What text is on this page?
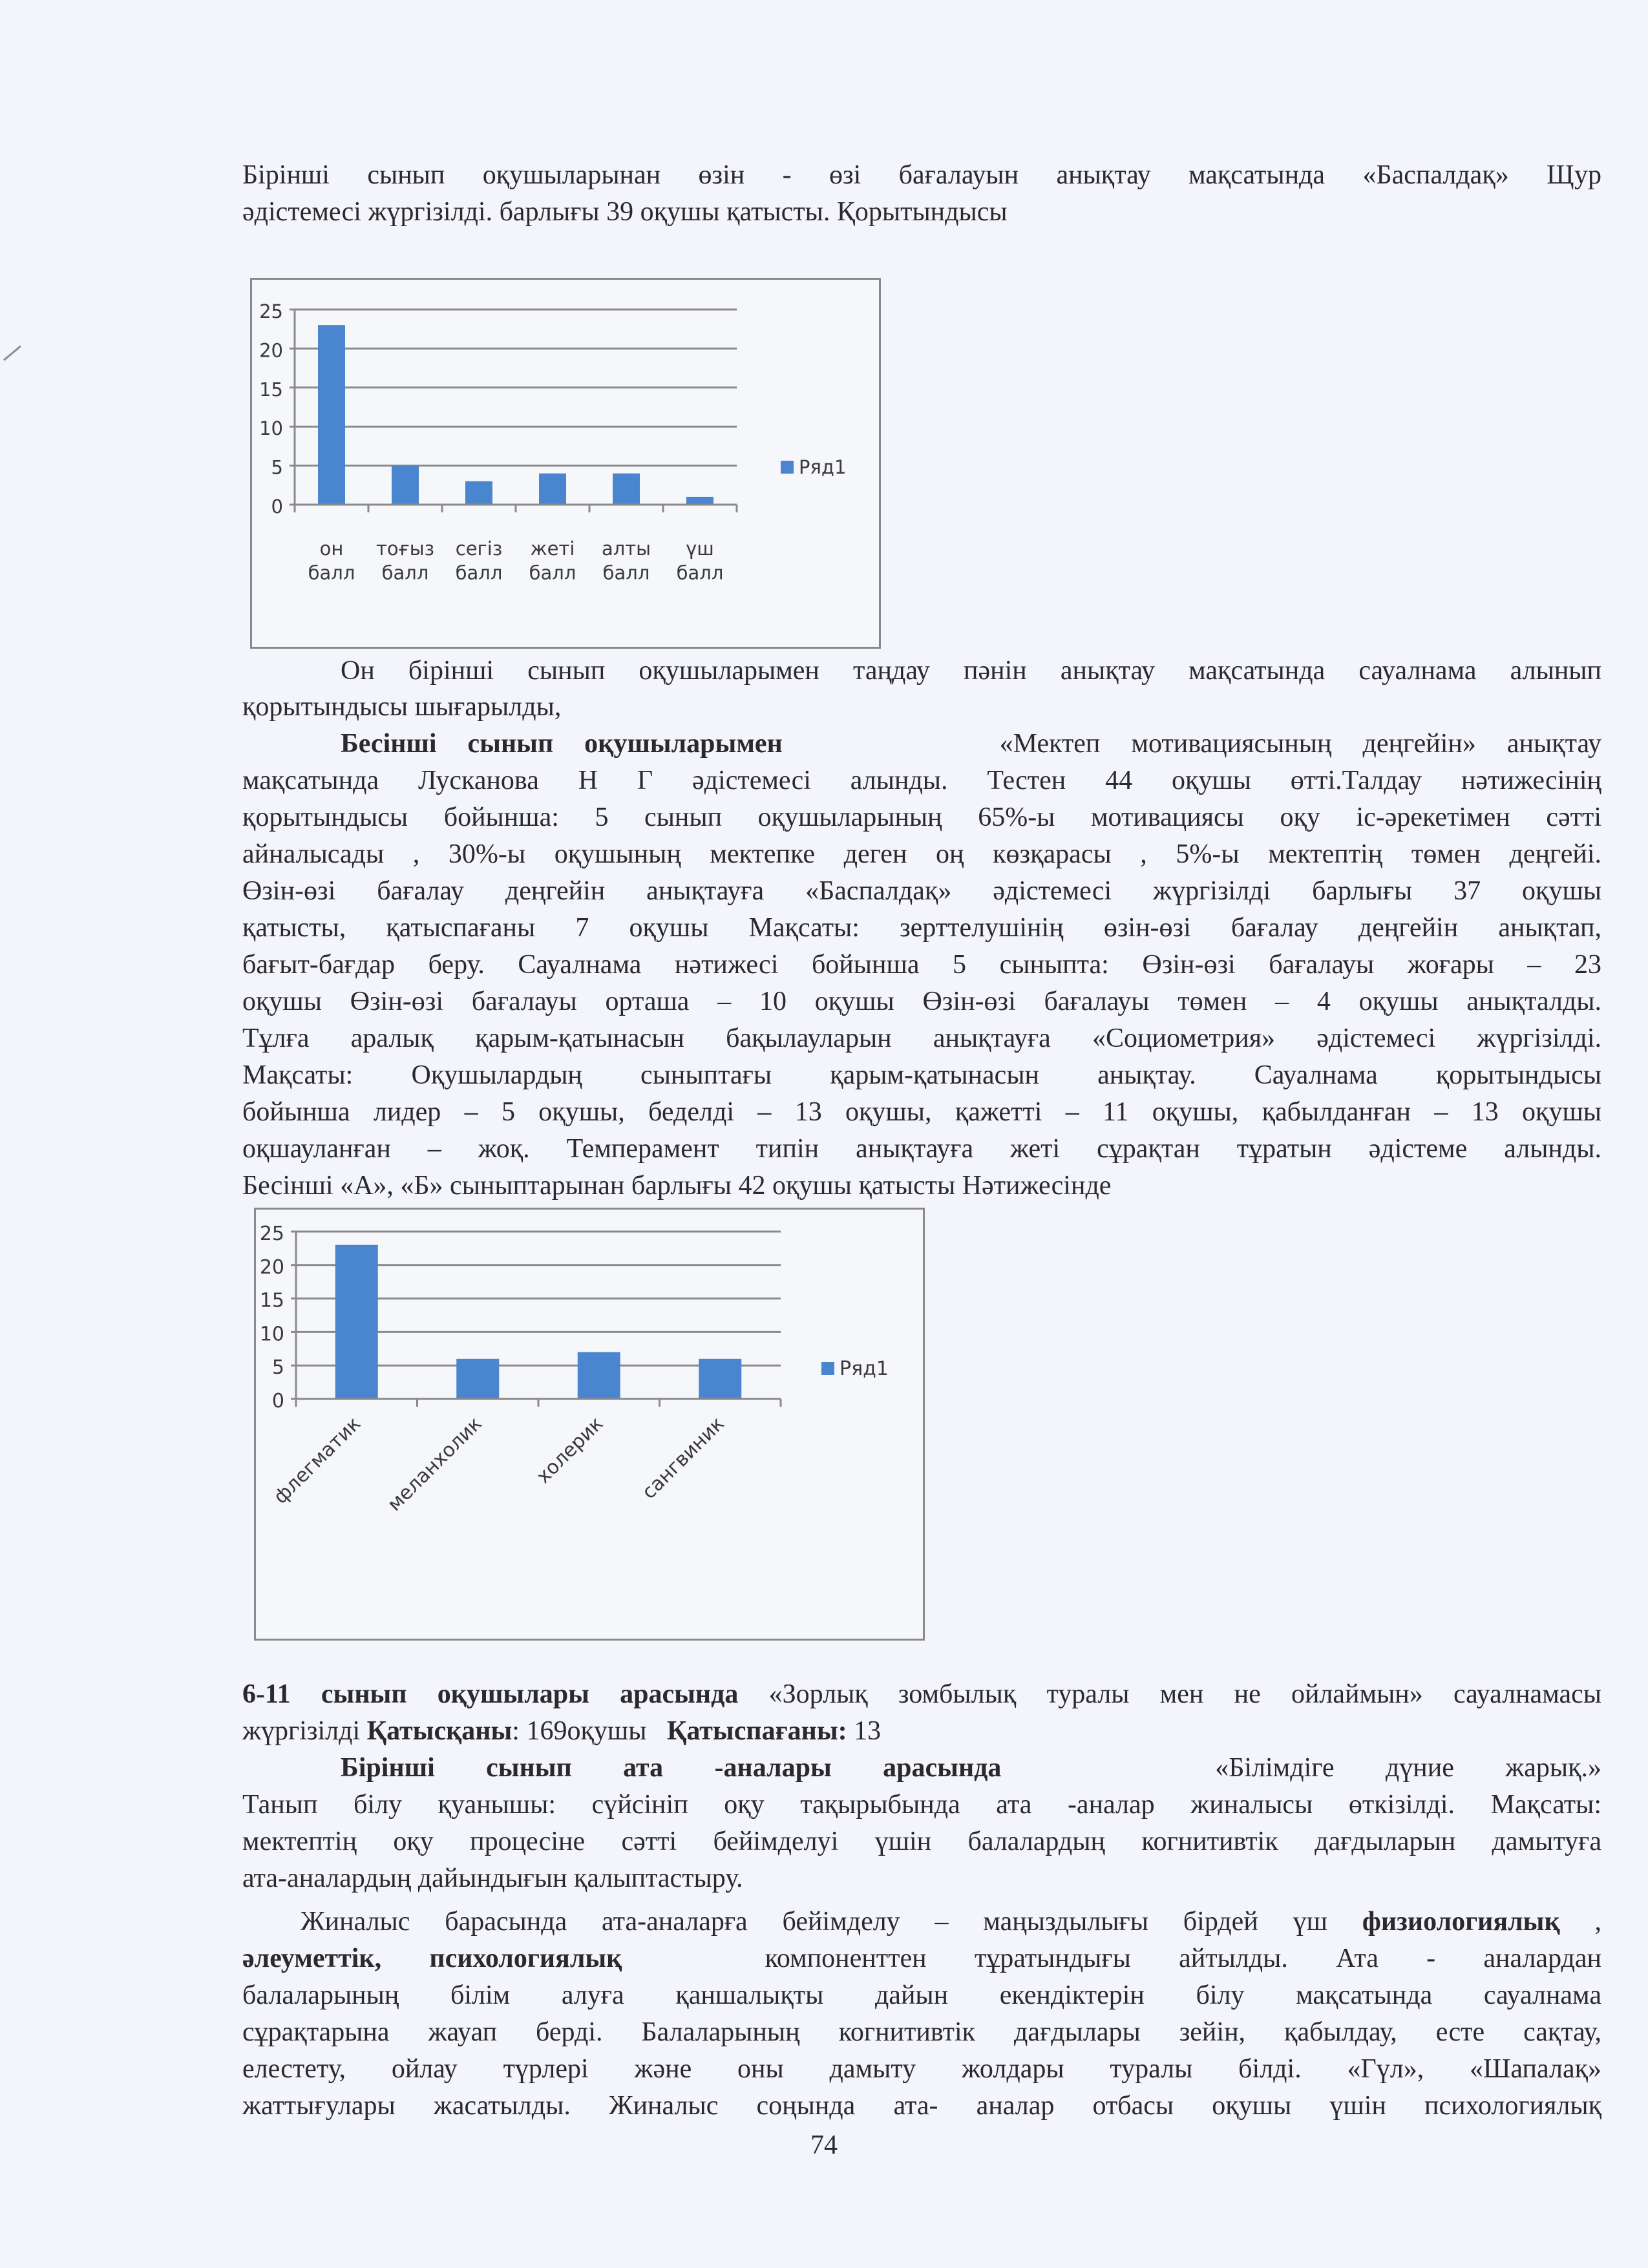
Бірінші сынып оқушыларынан өзін - өзі бағалауын анықтау мақсатында «Баспалдақ» Щур
әдістемесі жүргізілді. барлығы 39 оқушы қатысты. Қорытындысы
0
5
10
15
20
25
он балл
тоғыз балл
сегіз балл
жеті балл
алты балл
үш балл
Ряд1
Он бірінші сынып оқушыларымен таңдау пәнін анықтау мақсатында сауалнама алынып
қорытындысы шығарылды,
Бесінші сынып оқушыларымен	«Мектеп мотивациясының деңгейін» анықтау
мақсатында Лусканова Н Г әдістемесі алынды. Тестен 44 оқушы өтті.Талдау нәтижесінің
қорытындысы бойынша: 5 сынып оқушыларының 65%-ы мотивациясы оқу іс-әрекетімен сәтті
айналысады , 30%-ы оқушының мектепке деген оң көзқарасы , 5%-ы мектептің төмен деңгейі.
Өзін-өзі бағалау деңгейін анықтауға «Баспалдақ» әдістемесі жүргізілді барлығы 37 оқушы
қатысты, қатыспағаны 7 оқушы Мақсаты: зерттелушінің өзін-өзі бағалау деңгейін анықтап,
бағыт-бағдар беру. Сауалнама нәтижесі бойынша 5 сыныпта: Өзін-өзі бағалауы жоғары – 23
оқушы Өзін-өзі бағалауы орташа – 10 оқушы Өзін-өзі бағалауы төмен – 4 оқушы анықталды.
Тұлға аралық қарым-қатынасын бақылауларын анықтауға «Социометрия» әдістемесі жүргізілді.
Мақсаты: Оқушылардың сыныптағы қарым-қатынасын анықтау. Сауалнама қорытындысы
бойынша лидер – 5 оқушы, беделді – 13 оқушы, қажетті – 11 оқушы, қабылданған – 13 оқушы
оқшауланған – жоқ. Темперамент типін анықтауға жеті сұрақтан тұратын әдістеме алынды.
Бесінші «А», «Б» сыныптарынан барлығы 42 оқушы қатысты Нәтижесінде
0
5
10
15
20
25
флегматик меланхолик холерик сангвиник
Ряд1
6-11 сынып оқушылары арасында «Зорлық зомбылық туралы мен не ойлаймын» сауалнамасы
жүргізілді Қатысқаны: 169оқушы Қатыспағаны: 13
Бірінші сынып ата -аналары арасында	«Білімдіге дүние жарық.»
Танып білу қуанышы: сүйсініп оқу тақырыбында ата -аналар жиналысы өткізілді. Мақсаты:
мектептің оқу процесіне сәтті бейімделуі үшін балалардың когнитивтік дағдыларын дамытуға
ата-аналардың дайындығын қалыптастыру.
Жиналыс барасында ата-аналарға бейімделу – маңыздылығы бірдей үш физиологиялық ,
әлеуметтік, психологиялық	компоненттен тұратындығы айтылды. Ата - аналардан
балаларының білім алуға қаншалықты дайын екендіктерін білу мақсатында сауалнама
сұрақтарына жауап берді. Балаларының когнитивтік дағдылары зейін, қабылдау, есте сақтау,
елестету, ойлау түрлері және оны дамыту жолдары туралы білді. «Гүл», «Шапалақ»
жаттығулары жасатылды. Жиналыс соңында ата- аналар отбасы оқушы үшін психологиялық
74
